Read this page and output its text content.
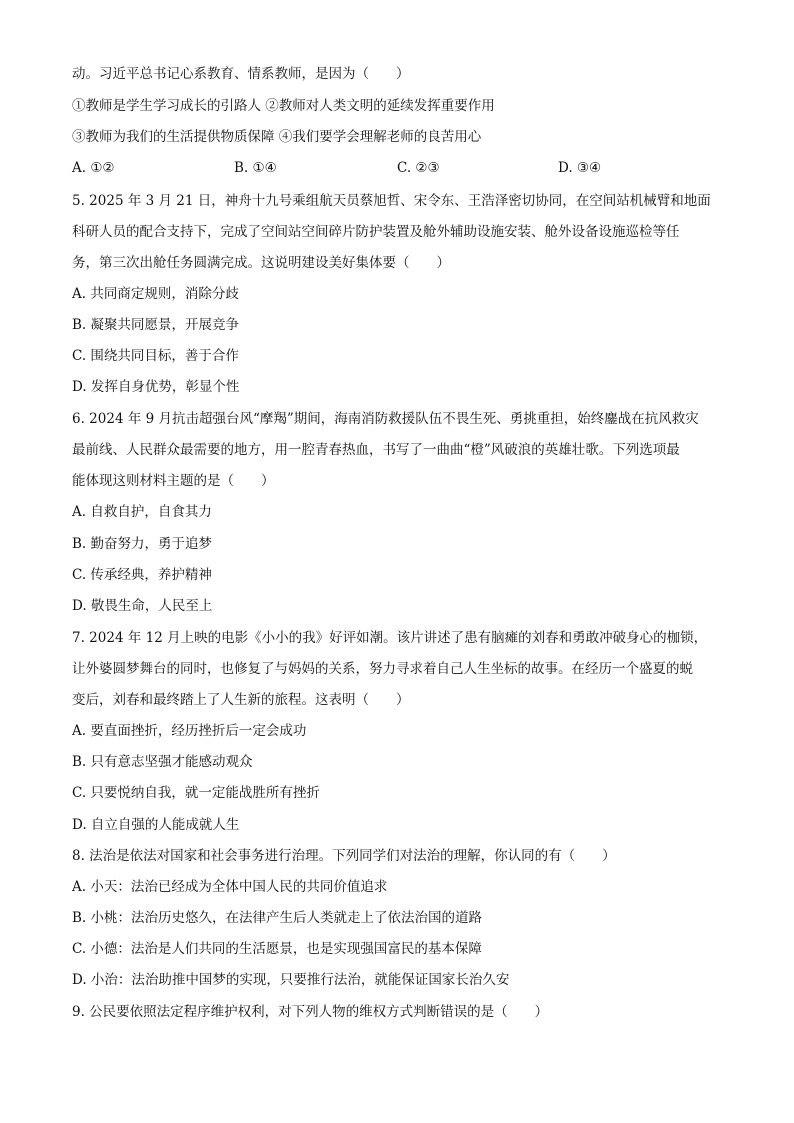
动。习近平总书记心系教育、情系教师，是因为（　　）
①教师是学生学习成长的引路人 ②教师对人类文明的延续发挥重要作用
③教师为我们的生活提供物质保障 ④我们要学会理解老师的良苦用心
A. ①②	B. ①④	C. ②③	D. ③④
5. 2025 年 3 月 21 日，神舟十九号乘组航天员蔡旭哲、宋令东、王浩泽密切协同，在空间站机械臂和地面
科研人员的配合支持下，完成了空间站空间碎片防护装置及舱外辅助设施安装、舱外设备设施巡检等任
务，第三次出舱任务圆满完成。这说明建设美好集体要（　　）
A. 共同商定规则，消除分歧
B. 凝聚共同愿景，开展竞争
C. 围绕共同目标，善于合作
D. 发挥自身优势，彰显个性
6. 2024 年 9 月抗击超强台风“摩羯”期间，海南消防救援队伍不畏生死、勇挑重担，始终鏖战在抗风救灾
最前线、人民群众最需要的地方，用一腔青春热血，书写了一曲曲“橙”风破浪的英雄壮歌。下列选项最
能体现这则材料主题的是（　　）
A. 自救自护，自食其力
B. 勤奋努力，勇于追梦
C. 传承经典，养护精神
D. 敬畏生命，人民至上
7. 2024 年 12 月上映的电影《小小的我》好评如潮。该片讲述了患有脑瘫的刘春和勇敢冲破身心的枷锁，
让外婆圆梦舞台的同时，也修复了与妈妈的关系，努力寻求着自己人生坐标的故事。在经历一个盛夏的蜕
变后，刘春和最终踏上了人生新的旅程。这表明（　　）
A. 要直面挫折，经历挫折后一定会成功
B. 只有意志坚强才能感动观众
C. 只要悦纳自我，就一定能战胜所有挫折
D. 自立自强的人能成就人生
8. 法治是依法对国家和社会事务进行治理。下列同学们对法治的理解，你认同的有（　　）
A. 小天：法治已经成为全体中国人民的共同价值追求
B. 小桃：法治历史悠久，在法律产生后人类就走上了依法治国的道路
C. 小德：法治是人们共同的生活愿景，也是实现强国富民的基本保障
D. 小治：法治助推中国梦的实现，只要推行法治，就能保证国家长治久安
9. 公民要依照法定程序维护权利，对下列人物的维权方式判断错误的是（　　）
